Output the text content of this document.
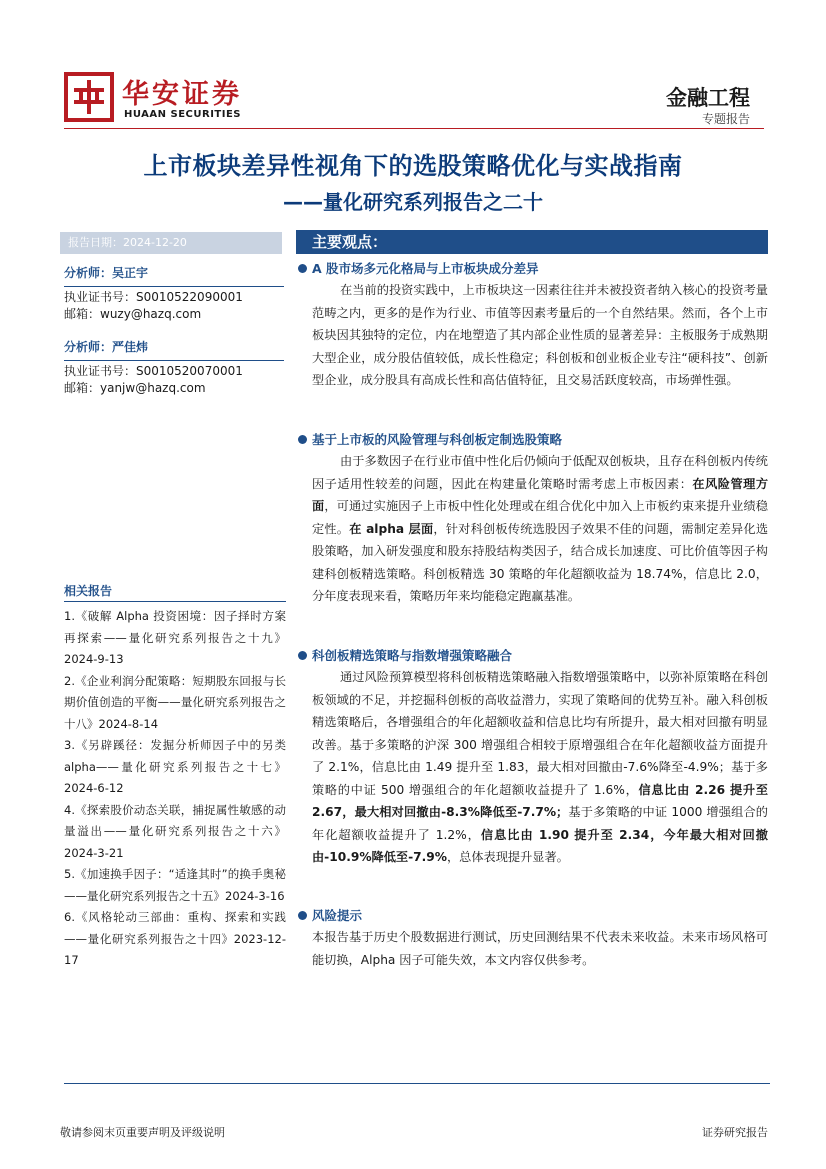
华安证券
HUAAN SECURITIES
金融工程
专题报告
上市板块差异性视角下的选股策略优化与实战指南
——量化研究系列报告之二十
报告日期：2024-12-20	主要观点：
分析师：吴正宇
执业证书号：S0010522090001
邮箱：wuzy@hazq.com
分析师：严佳炜
执业证书号：S0010520070001
邮箱：yanjw@hazq.com
相关报告
1.《破解 Alpha 投资困境：因子择时方案再探索——量化研究系列报告之十九》2024-9-13
2.《企业利润分配策略：短期股东回报与长期价值创造的平衡——量化研究系列报告之十八》2024-8-14
3.《另辟蹊径：发掘分析师因子中的另类 alpha——量化研究系列报告之十七》2024-6-12
4.《探索股价动态关联，捕捉属性敏感的动量溢出——量化研究系列报告之十六》2024-3-21
5.《加速换手因子：“适逢其时”的换手奥秘——量化研究系列报告之十五》2024-3-16
6.《风格轮动三部曲：重构、探索和实践——量化研究系列报告之十四》2023-12-17
A 股市场多元化格局与上市板块成分差异
在当前的投资实践中，上市板块这一因素往往并未被投资者纳入核心的投资考量范畴之内，更多的是作为行业、市值等因素考量后的一个自然结果。然而，各个上市板块因其独特的定位，内在地塑造了其内部企业性质的显著差异：主板服务于成熟期大型企业，成分股估值较低，成长性稳定；科创板和创业板企业专注“硬科技”、创新型企业，成分股具有高成长性和高估值特征，且交易活跃度较高，市场弹性强。
基于上市板的风险管理与科创板定制选股策略
由于多数因子在行业市值中性化后仍倾向于低配双创板块，且存在科创板内传统因子适用性较差的问题，因此在构建量化策略时需考虑上市板因素：在风险管理方面，可通过实施因子上市板中性化处理或在组合优化中加入上市板约束来提升业绩稳定性。在 alpha 层面，针对科创板传统选股因子效果不佳的问题，需制定差异化选股策略，加入研发强度和股东持股结构类因子，结合成长加速度、可比价值等因子构建科创板精选策略。科创板精选 30 策略的年化超额收益为 18.74%，信息比 2.0，分年度表现来看，策略历年来均能稳定跑赢基准。
科创板精选策略与指数增强策略融合
通过风险预算模型将科创板精选策略融入指数增强策略中，以弥补原策略在科创板领域的不足，并挖掘科创板的高收益潜力，实现了策略间的优势互补。融入科创板精选策略后，各增强组合的年化超额收益和信息比均有所提升，最大相对回撤有明显改善。基于多策略的沪深 300 增强组合相较于原增强组合在年化超额收益方面提升了 2.1%，信息比由 1.49 提升至 1.83，最大相对回撤由-7.6%降至-4.9%；基于多策略的中证 500 增强组合的年化超额收益提升了 1.6%，信息比由 2.26 提升至 2.67，最大相对回撤由-8.3%降低至-7.7%；基于多策略的中证 1000 增强组合的年化超额收益提升了 1.2%，信息比由 1.90 提升至 2.34，今年最大相对回撤由-10.9%降低至-7.9%，总体表现提升显著。
风险提示
本报告基于历史个股数据进行测试，历史回测结果不代表未来收益。未来市场风格可能切换，Alpha 因子可能失效，本文内容仅供参考。
敬请参阅末页重要声明及评级说明	证券研究报告
